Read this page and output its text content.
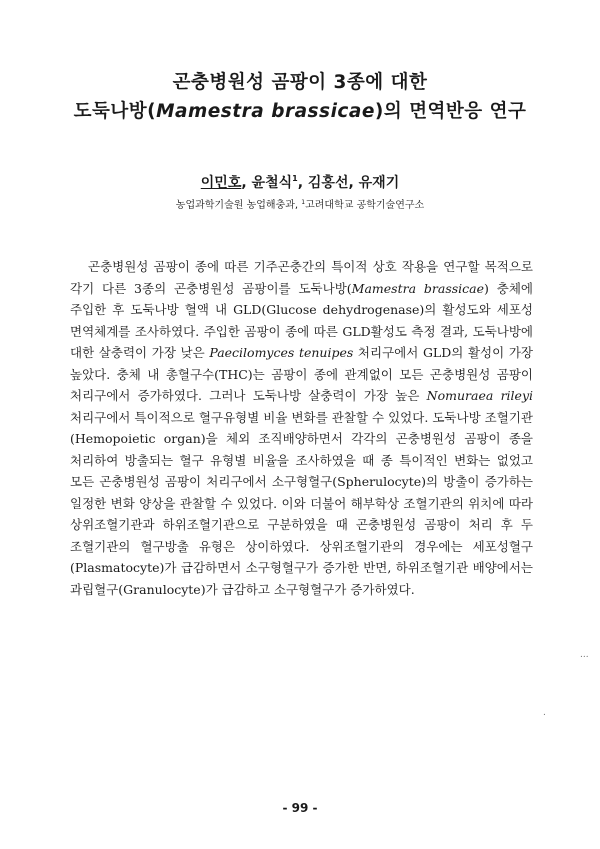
곤충병원성 곰팡이 3종에 대한
도둑나방(Mamestra brassicae)의 면역반응 연구
이민호, 윤철식$^1$, 김홍선, 유재기
농업과학기술원 농업해충과, $^1$고려대학교 공학기술연구소

곤충병원성 곰팡이 종에 따른 기주곤충간의 특이적 상호 작용을 연구할 목적으로 각기 다른 3종의 곤충병원성 곰팡이를 도둑나방(Mamestra brassicae) 충체에 주입한 후 도둑나방 혈액 내 GLD(Glucose dehydrogenase)의 활성도와 세포성 면역체계를 조사하였다. 주입한 곰팡이 종에 따른 GLD활성도 측정 결과, 도둑나방에 대한 살충력이 가장 낮은 Paecilomyces tenuipes 처리구에서 GLD의 활성이 가장 높았다. 충체 내 총혈구수(THC)는 곰팡이 종에 관계없이 모든 곤충병원성 곰팡이 처리구에서 증가하였다. 그러나 도둑나방 살충력이 가장 높은 Nomuraea rileyi 처리구에서 특이적으로 혈구유형별 비율 변화를 관찰할 수 있었다. 도둑나방 조혈기관(Hemopoietic organ)을 체외 조직배양하면서 각각의 곤충병원성 곰팡이 종을 처리하여 방출되는 혈구 유형별 비율을 조사하였을 때 종 특이적인 변화는 없었고 모든 곤충병원성 곰팡이 처리구에서 소구형혈구(Spherulocyte)의 방출이 증가하는 일정한 변화 양상을 관찰할 수 있었다. 이와 더불어 해부학상 조혈기관의 위치에 따라 상위조혈기관과 하위조혈기관으로 구분하였을 때 곤충병원성 곰팡이 처리 후 두 조혈기관의 혈구방출 유형은 상이하였다. 상위조혈기관의 경우에는 세포성혈구(Plasmatocyte)가 급감하면서 소구형혈구가 증가한 반면, 하위조혈기관 배양에서는 과립혈구(Granulocyte)가 급감하고 소구형혈구가 증가하였다.

- 99 -
...
.
